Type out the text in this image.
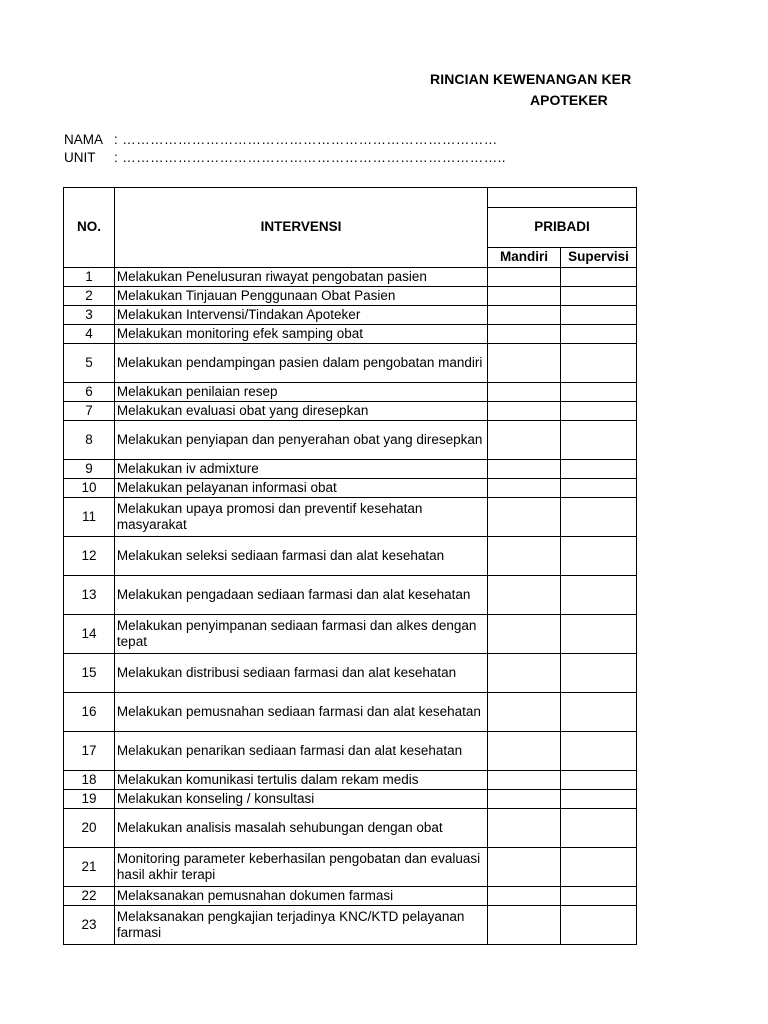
RINCIAN KEWENANGAN KER
APOTEKER
NAMA : ………………………………………………………………………
UNIT : ………………………………………………………………………..
NO.	INTERVENSI		
		PRIBADI	
		Mandiri	Supervisi
1	Melakukan Penelusuran riwayat pengobatan pasien		
2	Melakukan Tinjauan Penggunaan Obat Pasien		
3	Melakukan Intervensi/Tindakan Apoteker		
4	Melakukan monitoring efek samping obat		
5	Melakukan pendampingan pasien dalam pengobatan mandiri		
6	Melakukan penilaian resep		
7	Melakukan evaluasi obat yang diresepkan		
8	Melakukan penyiapan dan penyerahan obat yang diresepkan		
9	Melakukan iv admixture		
10	Melakukan pelayanan informasi obat		
11	Melakukan upaya promosi dan preventif kesehatan masyarakat		
12	Melakukan seleksi sediaan farmasi dan alat kesehatan		
13	Melakukan pengadaan sediaan farmasi dan alat kesehatan		
14	Melakukan penyimpanan sediaan farmasi dan alkes dengan tepat		
15	Melakukan distribusi sediaan farmasi dan alat kesehatan		
16	Melakukan pemusnahan sediaan farmasi dan alat kesehatan		
17	Melakukan penarikan sediaan farmasi dan alat kesehatan		
18	Melakukan komunikasi tertulis dalam rekam medis		
19	Melakukan konseling / konsultasi		
20	Melakukan analisis masalah sehubungan dengan obat		
21	Monitoring parameter keberhasilan pengobatan dan evaluasi hasil akhir terapi		
22	Melaksanakan pemusnahan dokumen farmasi		
23	Melaksanakan pengkajian terjadinya KNC/KTD pelayanan farmasi		
